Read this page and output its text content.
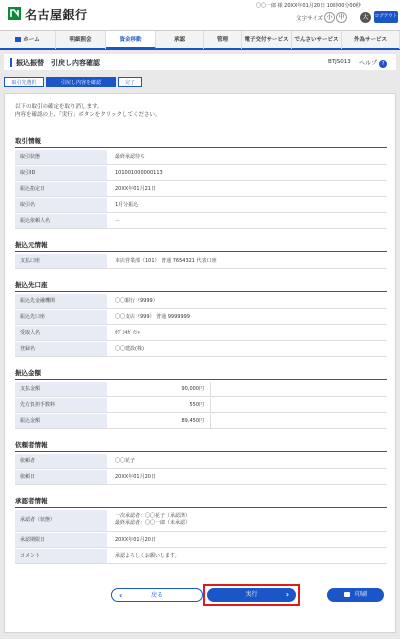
名古屋銀行
〇〇一郎 様 20XX年01月20日 10時00分00秒
文字サイズ 小 中	ログアウト
大
ホーム	明細照会	資金移動	承認	管理	電子交付サービス	でんさいサービス	外為サービス
振込振替　引戻し内容確認	BTJS013 ヘルプ ?
取引先選択	引戻し内容を確認	完了
以下の取引の確定を取り消します。
内容を確認の上、「実行」ボタンをクリックしてください。
取引情報
取引状態	最終承認待ち
取引ID	101001000000113
振込指定日	20XX年01月21日
取引名	1月分振込
振込依頼人名	－
振込元情報
支払口座	本店営業部（101） 普通 7654321 代表口座
振込先口座
振込先金融機関	〇〇銀行（9999）
振込先口座	〇〇支店（999） 普通 9999999
受取人名	ｶﾌﾞｼｷｶﾞｲｼｬ
登録名	〇〇建設(株)
振込金額
支払金額	90,000円
先方負担手数料	550円
振込金額	89,450円
依頼者情報
依頼者	〇〇花子
依頼日	20XX年01月20日
承認者情報
承認者（状態）
一次承認者：〇〇花子（承認済）
最終承認者：〇〇一郎（未承認）
承認期限日	20XX年01月20日
コメント	承認よろしくお願いします。
‹	戻る	実行	›	印刷
